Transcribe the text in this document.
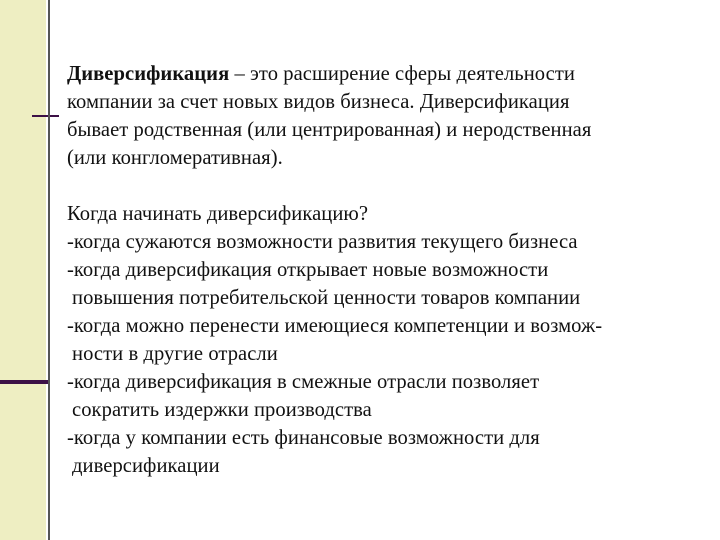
Диверсификация – это расширение сферы деятельности

компании за счет новых видов бизнеса. Диверсификация

бывает родственная (или центрированная) и неродственная

(или конгломеративная).

Когда начинать диверсификацию?

-когда сужаются возможности развития текущего бизнеса

-когда диверсификация открывает новые возможности

повышения потребительской ценности товаров компании

-когда можно перенести имеющиеся компетенции и возмож-

ности в другие отрасли

-когда диверсификация в смежные отрасли позволяет

сократить издержки производства

-когда у компании есть финансовые возможности для

диверсификации
